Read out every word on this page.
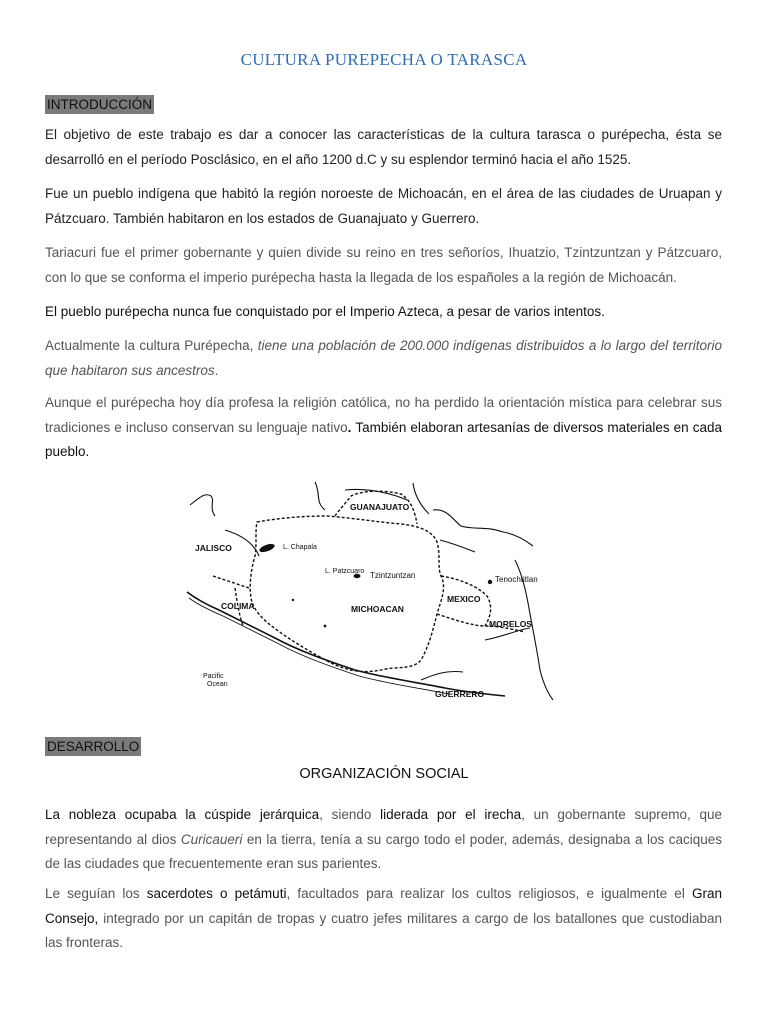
CULTURA PUREPECHA O TARASCA
INTRODUCCIÓN

El objetivo de este trabajo es dar a conocer las características de la cultura tarasca o purépecha, ésta se desarrolló en el período Posclásico, en el año 1200 d.C y su esplendor terminó hacia el año 1525.

Fue un pueblo indígena que habitó la región noroeste de Michoacán, en el área de las ciudades de Uruapan y Pátzcuaro. También habitaron en los estados de Guanajuato y Guerrero.

Tariacuri fue el primer gobernante y quien divide su reino en tres señoríos, Ihuatzio, Tzintzuntzan y Pátzcuaro, con lo que se conforma el imperio purépecha hasta la llegada de los españoles a la región de Michoacán.

El pueblo purépecha nunca fue conquistado por el Imperio Azteca, a pesar de varios intentos.

Actualmente la cultura Purépecha, tiene una población de 200.000 indígenas distribuidos a lo largo del territorio que habitaron sus ancestros.

Aunque el purépecha hoy día profesa la religión católica, no ha perdido la orientación mística para celebrar sus tradiciones e incluso conservan su lenguaje nativo. También elaboran artesanías de diversos materiales en cada pueblo.

GUANAJUATO
JALISCO	L. Chapala
L. Patzcuaro Tzintzuntzan	Tenochtitlan
COLIMA	MICHOACAN
MEXICO
MORELOS
Pacific
Ocean
GUERRERO
DESARROLLO
ORGANIZACIÓN SOCIAL

La nobleza ocupaba la cúspide jerárquica, siendo liderada por el irecha, un gobernante supremo, que representando al dios Curicaueri en la tierra, tenía a su cargo todo el poder, además, designaba a los caciques de las ciudades que frecuentemente eran sus parientes.

Le seguían los sacerdotes o petámuti, facultados para realizar los cultos religiosos, e igualmente el Gran Consejo, integrado por un capitán de tropas y cuatro jefes militares a cargo de los batallones que custodiaban las fronteras.
